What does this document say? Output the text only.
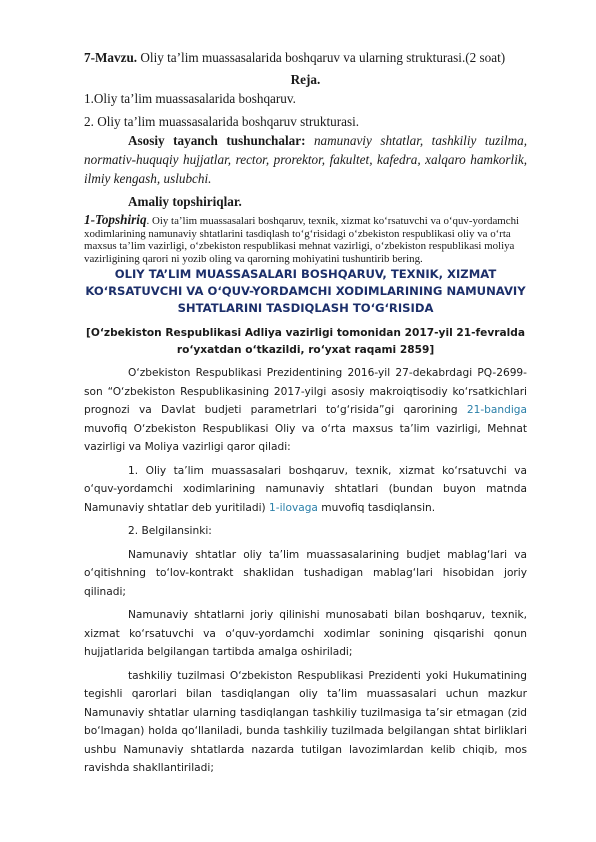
7-Mavzu. Oliy ta’lim muassasalarida boshqaruv va ularning strukturasi.(2 soat)

Reja.

1.Oliy ta’lim muassasalarida boshqaruv.

2. Oliy ta’lim muassasalarida boshqaruv strukturasi.

Asosiy tayanch tushunchalar: namunaviy shtatlar, tashkiliy tuzilma, normativ-huquqiy hujjatlar, rector, prorektor, fakultet, kafedra, xalqaro hamkorlik, ilmiy kengash, uslubchi.

Amaliy topshiriqlar.

1-Topshiriq. Oiy ta’lim muassasalari boshqaruv, texnik, xizmat ko‘rsatuvchi va o‘quv-yordamchi xodimlarining namunaviy shtatlarini tasdiqlash to‘g‘risidagi o‘zbekiston respublikasi oliy va o‘rta maxsus ta’lim vazirligi, o‘zbekiston respublikasi mehnat vazirligi, o‘zbekiston respublikasi moliya vazirligining qarori ni yozib oling va qarorning mohiyatini tushuntirib bering.

OLIY TA’LIM MUASSASALARI BOSHQARUV, TEXNIK, XIZMAT KO‘RSATUVCHI VA O‘QUV-YORDAMCHI XODIMLARINING NAMUNAVIY SHTATLARINI TASDIQLASH TO‘G‘RISIDA

[O‘zbekiston Respublikasi Adliya vazirligi tomonidan 2017-yil 21-fevralda ro‘yxatdan o‘tkazildi, ro‘yxat raqami 2859]

O‘zbekiston Respublikasi Prezidentining 2016-yil 27-dekabrdagi PQ-2699-son “O‘zbekiston Respublikasining 2017-yilgi asosiy makroiqtisodiy ko‘rsatkichlari prognozi va Davlat budjeti parametrlari to‘g‘risida”gi qarorining 21-bandiga muvofiq O‘zbekiston Respublikasi Oliy va o‘rta maxsus ta’lim vazirligi, Mehnat vazirligi va Moliya vazirligi qaror qiladi:

1. Oliy ta’lim muassasalari boshqaruv, texnik, xizmat ko‘rsatuvchi va o‘quv-yordamchi xodimlarining namunaviy shtatlari (bundan buyon matnda Namunaviy shtatlar deb yuritiladi) 1-ilovaga muvofiq tasdiqlansin.

2. Belgilansinki:

Namunaviy shtatlar oliy ta’lim muassasalarining budjet mablag‘lari va o‘qitishning to‘lov-kontrakt shaklidan tushadigan mablag‘lari hisobidan joriy qilinadi;

Namunaviy shtatlarni joriy qilinishi munosabati bilan boshqaruv, texnik, xizmat ko‘rsatuvchi va o‘quv-yordamchi xodimlar sonining qisqarishi qonun hujjatlarida belgilangan tartibda amalga oshiriladi;

tashkiliy tuzilmasi O‘zbekiston Respublikasi Prezidenti yoki Hukumatining tegishli qarorlari bilan tasdiqlangan oliy ta’lim muassasalari uchun mazkur Namunaviy shtatlar ularning tasdiqlangan tashkiliy tuzilmasiga ta’sir etmagan (zid bo‘lmagan) holda qo‘llaniladi, bunda tashkiliy tuzilmada belgilangan shtat birliklari ushbu Namunaviy shtatlarda nazarda tutilgan lavozimlardan kelib chiqib, mos ravishda shakllantiriladi;
